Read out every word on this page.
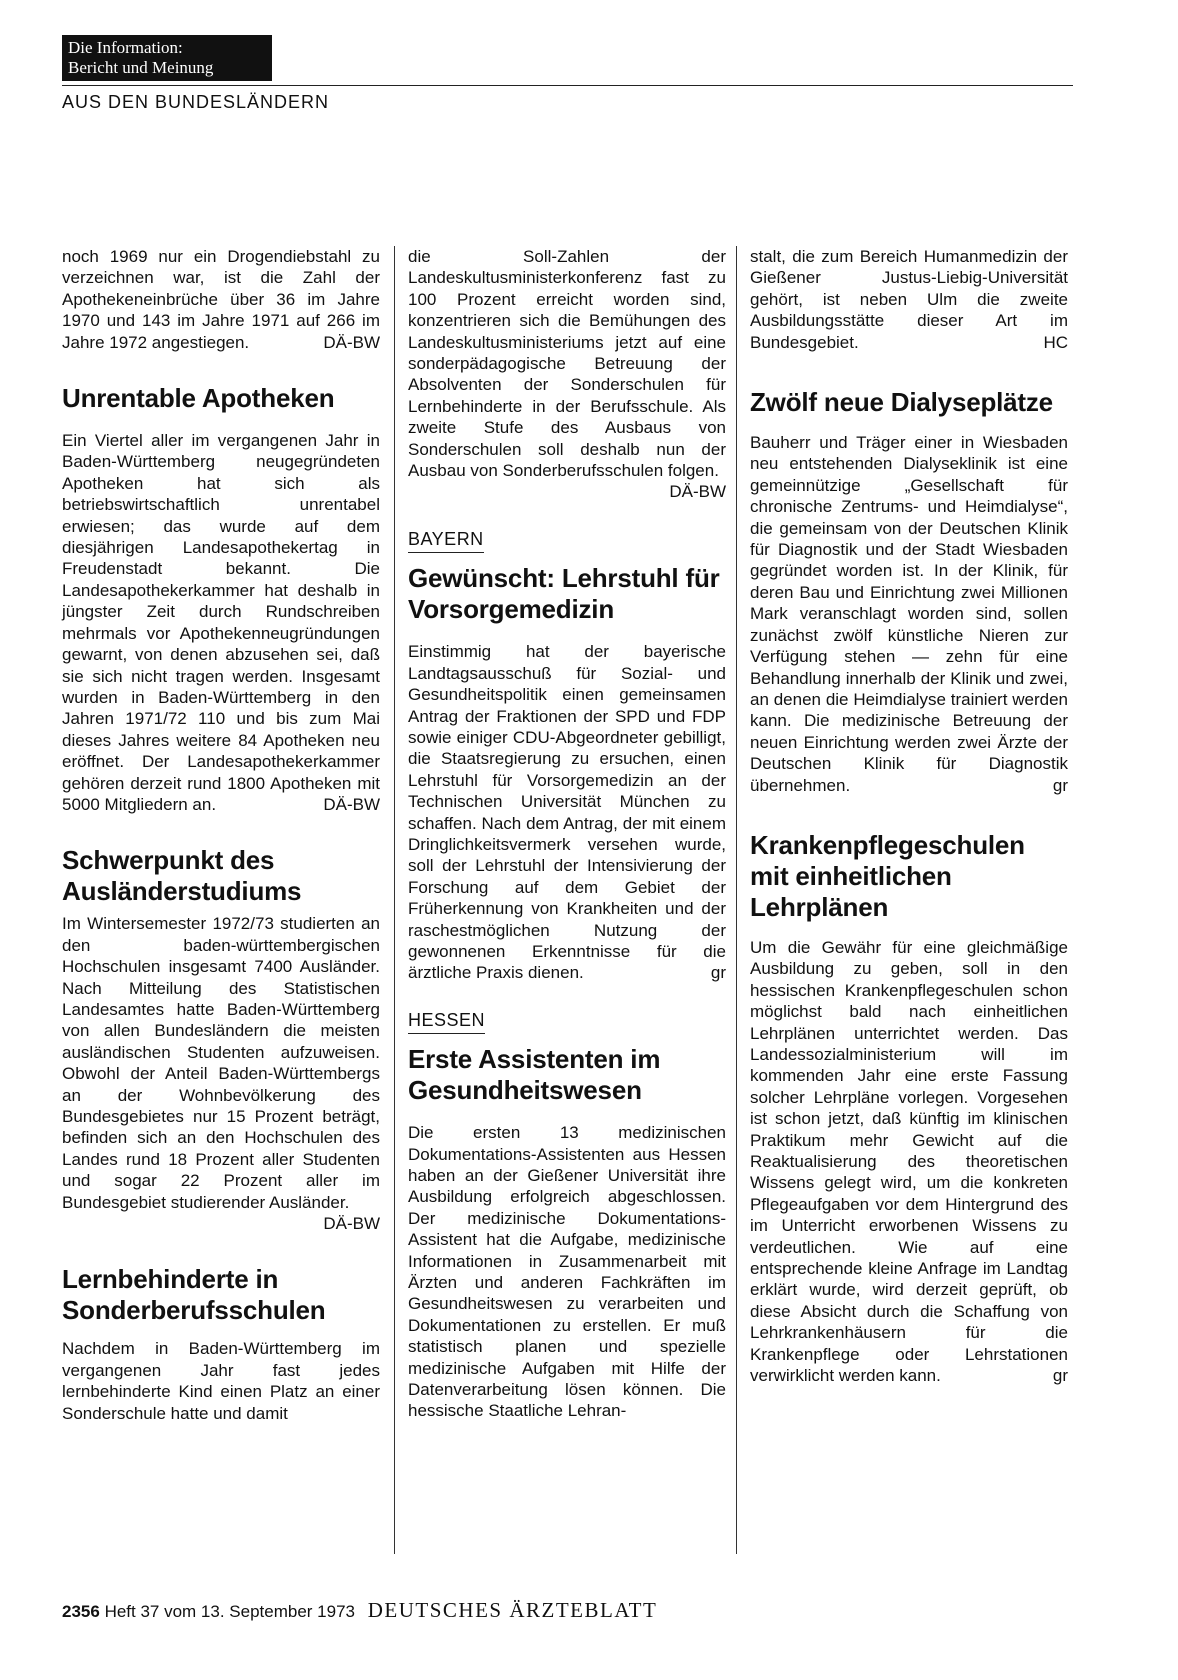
Die Information:
Bericht und Meinung
AUS DEN BUNDESLÄNDERN

noch 1969 nur ein Drogendiebstahl zu verzeichnen war, ist die Zahl der Apothekeneinbrüche über 36 im Jahre 1970 und 143 im Jahre 1971 auf 266 im Jahre 1972 angestiegen.	DÄ-BW

Unrentable Apotheken

Ein Viertel aller im vergangenen Jahr in Baden-Württemberg neugegründeten Apotheken hat sich als betriebswirtschaftlich unrentabel erwiesen; das wurde auf dem diesjährigen Landesapothekertag in Freudenstadt bekannt. Die Landesapothekerkammer hat deshalb in jüngster Zeit durch Rundschreiben mehrmals vor Apothekenneugründungen gewarnt, von denen abzusehen sei, daß sie sich nicht tragen werden. Insgesamt wurden in Baden-Württemberg in den Jahren 1971/72 110 und bis zum Mai dieses Jahres weitere 84 Apotheken neu eröffnet. Der Landesapothekerkammer gehören derzeit rund 1800 Apotheken mit 5000 Mitgliedern an.	DÄ-BW

Schwerpunkt des Ausländerstudiums

Im Wintersemester 1972/73 studierten an den baden-württembergischen Hochschulen insgesamt 7400 Ausländer. Nach Mitteilung des Statistischen Landesamtes hatte Baden-Württemberg von allen Bundesländern die meisten ausländischen Studenten aufzuweisen. Obwohl der Anteil Baden-Württembergs an der Wohnbevölkerung des Bundesgebietes nur 15 Prozent beträgt, befinden sich an den Hochschulen des Landes rund 18 Prozent aller Studenten und sogar 22 Prozent aller im Bundesgebiet studierender Ausländer.
DÄ-BW

Lernbehinderte in Sonderberufsschulen

Nachdem in Baden-Württemberg im vergangenen Jahr fast jedes lernbehinderte Kind einen Platz an einer Sonderschule hatte und damit

die Soll-Zahlen der Landeskultusministerkonferenz fast zu 100 Prozent erreicht worden sind, konzentrieren sich die Bemühungen des Landeskultusministeriums jetzt auf eine sonderpädagogische Betreuung der Absolventen der Sonderschulen für Lernbehinderte in der Berufsschule. Als zweite Stufe des Ausbaus von Sonderschulen soll deshalb nun der Ausbau von Sonderberufsschulen folgen.
DÄ-BW

BAYERN
Gewünscht: Lehrstuhl für Vorsorgemedizin

Einstimmig hat der bayerische Landtagsausschuß für Sozial- und Gesundheitspolitik einen gemeinsamen Antrag der Fraktionen der SPD und FDP sowie einiger CDU-Abgeordneter gebilligt, die Staatsregierung zu ersuchen, einen Lehrstuhl für Vorsorgemedizin an der Technischen Universität München zu schaffen. Nach dem Antrag, der mit einem Dringlichkeitsvermerk versehen wurde, soll der Lehrstuhl der Intensivierung der Forschung auf dem Gebiet der Früherkennung von Krankheiten und der raschestmöglichen Nutzung der gewonnenen Erkenntnisse für die ärztliche Praxis dienen.	gr

HESSEN
Erste Assistenten im Gesundheitswesen

Die ersten 13 medizinischen Dokumentations-Assistenten aus Hessen haben an der Gießener Universität ihre Ausbildung erfolgreich abgeschlossen. Der medizinische Dokumentations-Assistent hat die Aufgabe, medizinische Informationen in Zusammenarbeit mit Ärzten und anderen Fachkräften im Gesundheitswesen zu verarbeiten und Dokumentationen zu erstellen. Er muß statistisch planen und spezielle medizinische Aufgaben mit Hilfe der Datenverarbeitung lösen können. Die hessische Staatliche Lehran-

stalt, die zum Bereich Humanmedizin der Gießener Justus-Liebig-Universität gehört, ist neben Ulm die zweite Ausbildungsstätte dieser Art im Bundesgebiet.	HC

Zwölf neue Dialyseplätze

Bauherr und Träger einer in Wiesbaden neu entstehenden Dialyseklinik ist eine gemeinnützige „Gesellschaft für chronische Zentrums- und Heimdialyse“, die gemeinsam von der Deutschen Klinik für Diagnostik und der Stadt Wiesbaden gegründet worden ist. In der Klinik, für deren Bau und Einrichtung zwei Millionen Mark veranschlagt worden sind, sollen zunächst zwölf künstliche Nieren zur Verfügung stehen — zehn für eine Behandlung innerhalb der Klinik und zwei, an denen die Heimdialyse trainiert werden kann. Die medizinische Betreuung der neuen Einrichtung werden zwei Ärzte der Deutschen Klinik für Diagnostik übernehmen.	gr

Krankenpflegeschulen mit einheitlichen Lehrplänen

Um die Gewähr für eine gleichmäßige Ausbildung zu geben, soll in den hessischen Krankenpflegeschulen schon möglichst bald nach einheitlichen Lehrplänen unterrichtet werden. Das Landessozialministerium will im kommenden Jahr eine erste Fassung solcher Lehrpläne vorlegen. Vorgesehen ist schon jetzt, daß künftig im klinischen Praktikum mehr Gewicht auf die Reaktualisierung des theoretischen Wissens gelegt wird, um die konkreten Pflegeaufgaben vor dem Hintergrund des im Unterricht erworbenen Wissens zu verdeutlichen. Wie auf eine entsprechende kleine Anfrage im Landtag erklärt wurde, wird derzeit geprüft, ob diese Absicht durch die Schaffung von Lehrkrankenhäusern für die Krankenpflege oder Lehrstationen verwirklicht werden kann.	gr

2356 Heft 37 vom 13. September 1973 DEUTSCHES ÄRZTEBLATT
